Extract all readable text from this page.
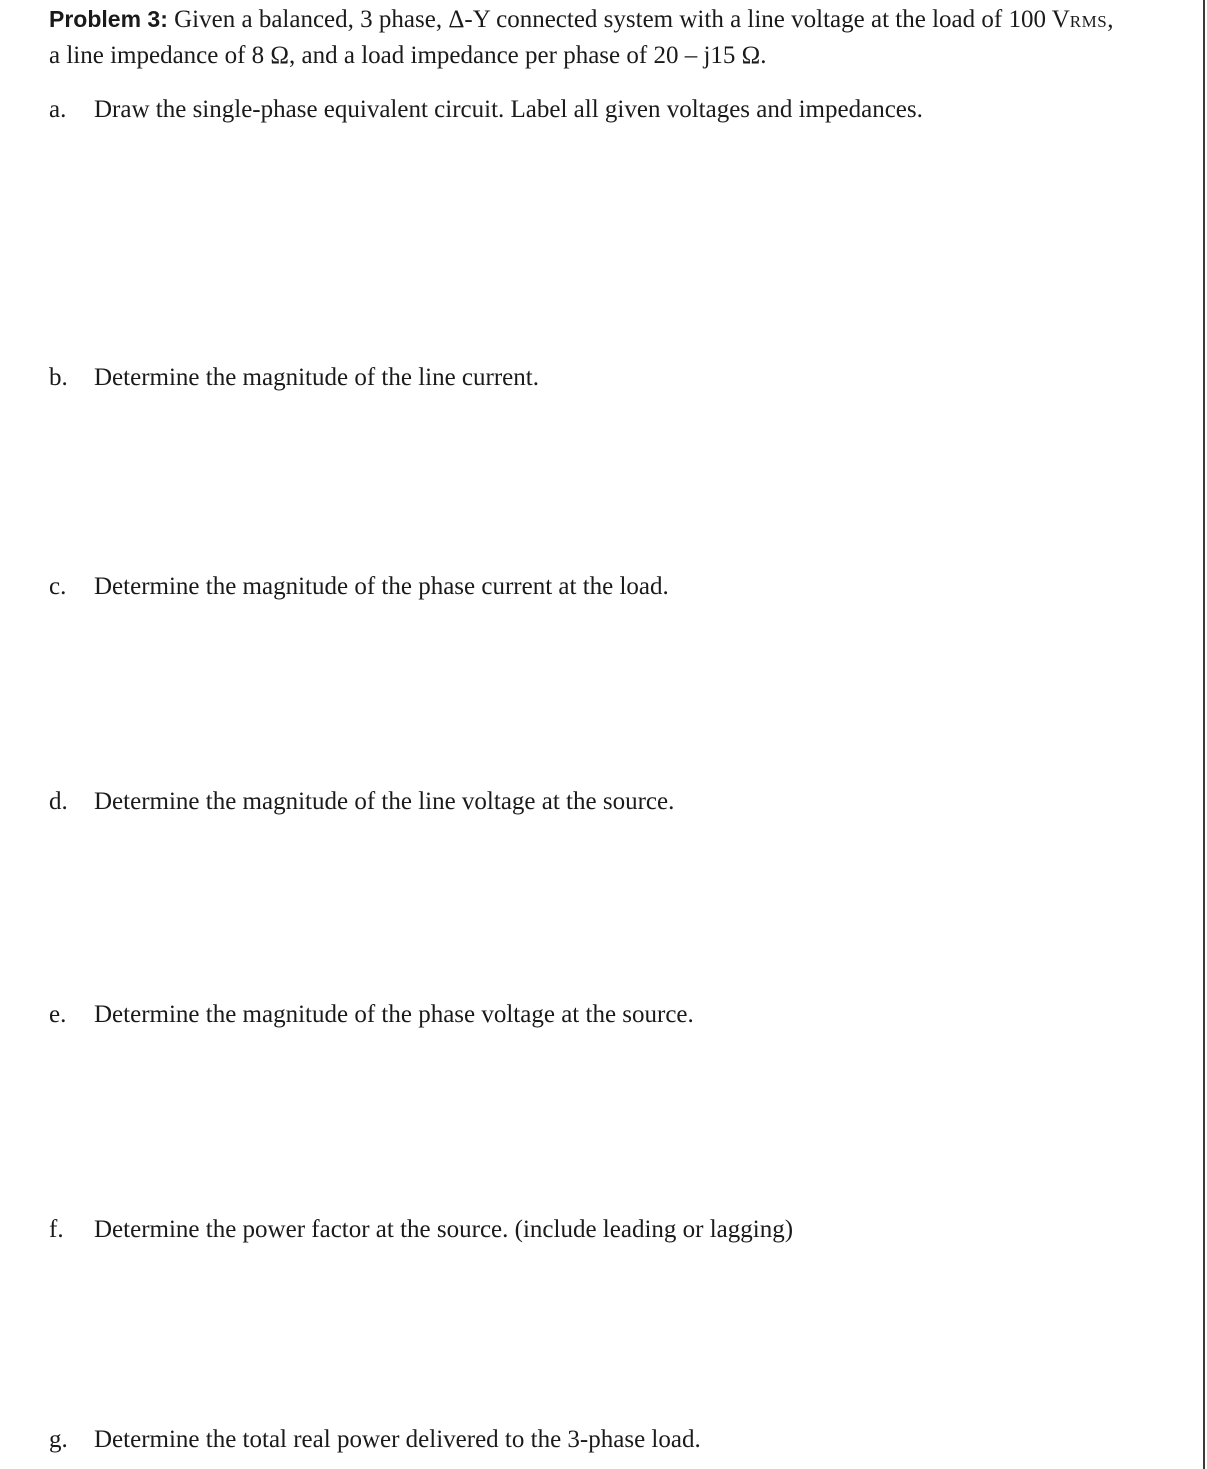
Problem 3: Given a balanced, 3 phase, Δ-Y connected system with a line voltage at the load of 100 VRMS,
a line impedance of 8 Ω, and a load impedance per phase of 20 – j15 Ω.
a. Draw the single-phase equivalent circuit. Label all given voltages and impedances.
b. Determine the magnitude of the line current.
c. Determine the magnitude of the phase current at the load.
d. Determine the magnitude of the line voltage at the source.
e. Determine the magnitude of the phase voltage at the source.
f. Determine the power factor at the source. (include leading or lagging)
g. Determine the total real power delivered to the 3-phase load.
